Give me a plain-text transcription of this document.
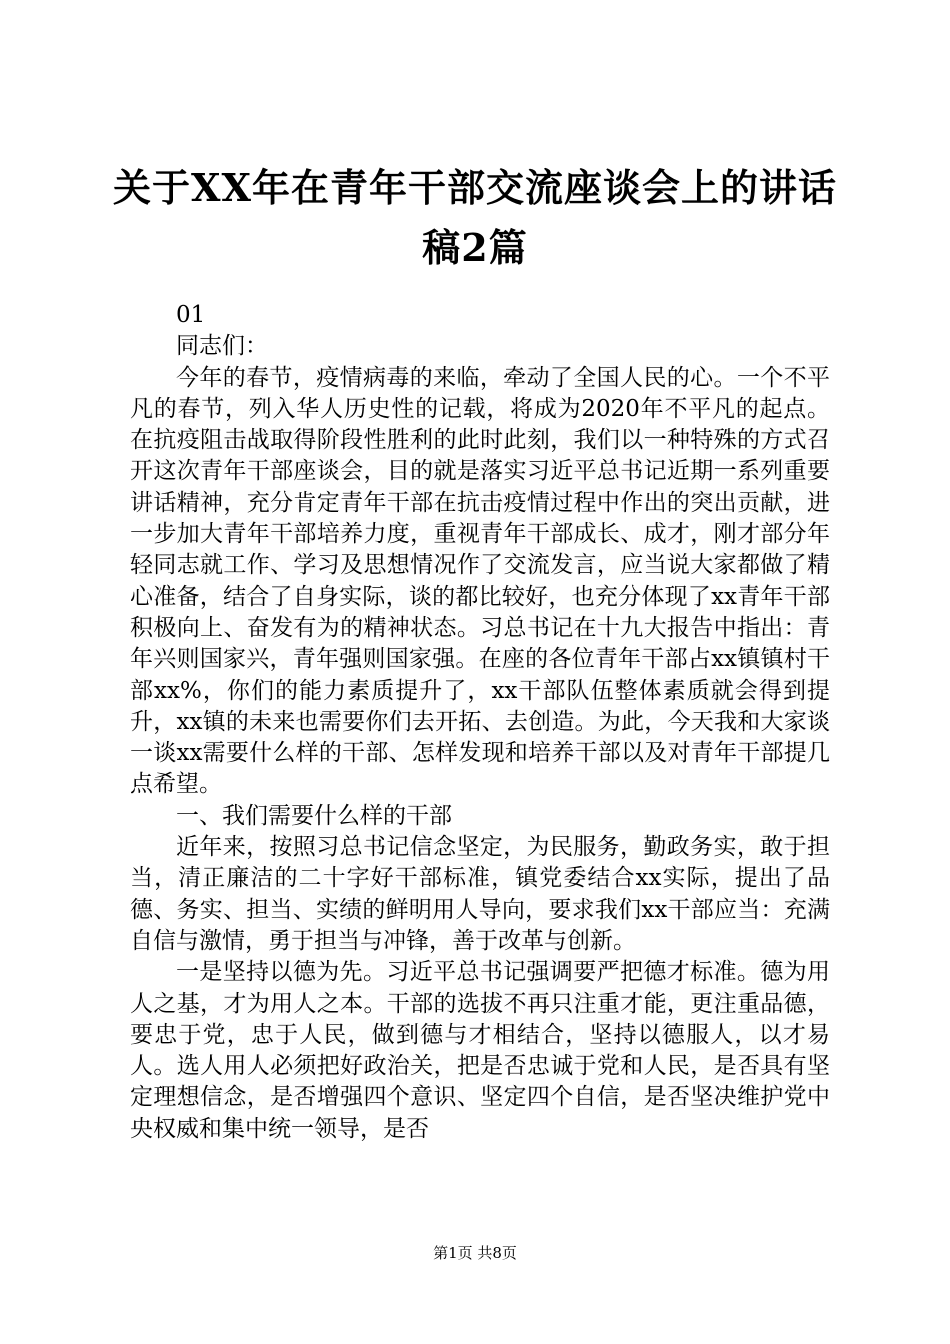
关于XX年在青年干部交流座谈会上的讲话稿2篇

01

同志们：

今年的春节，疫情病毒的来临，牵动了全国人民的心。一个不平凡的春节，列入华人历史性的记载，将成为2020年不平凡的起点。在抗疫阻击战取得阶段性胜利的此时此刻，我们以一种特殊的方式召开这次青年干部座谈会，目的就是落实习近平总书记近期一系列重要讲话精神，充分肯定青年干部在抗击疫情过程中作出的突出贡献，进一步加大青年干部培养力度，重视青年干部成长、成才，刚才部分年轻同志就工作、学习及思想情况作了交流发言，应当说大家都做了精心准备，结合了自身实际，谈的都比较好，也充分体现了xx青年干部积极向上、奋发有为的精神状态。习总书记在十九大报告中指出：青年兴则国家兴，青年强则国家强。在座的各位青年干部占xx镇镇村干部xx%，你们的能力素质提升了，xx干部队伍整体素质就会得到提升，xx镇的未来也需要你们去开拓、去创造。为此，今天我和大家谈一谈xx需要什么样的干部、怎样发现和培养干部以及对青年干部提几点希望。

一、我们需要什么样的干部

近年来，按照习总书记信念坚定，为民服务，勤政务实，敢于担当，清正廉洁的二十字好干部标准，镇党委结合xx实际，提出了品德、务实、担当、实绩的鲜明用人导向，要求我们xx干部应当：充满自信与激情，勇于担当与冲锋，善于改革与创新。

一是坚持以德为先。习近平总书记强调要严把德才标准。德为用人之基，才为用人之本。干部的选拔不再只注重才能，更注重品德，要忠于党，忠于人民，做到德与才相结合，坚持以德服人，以才易人。选人用人必须把好政治关，把是否忠诚于党和人民，是否具有坚定理想信念，是否增强四个意识、坚定四个自信，是否坚决维护党中央权威和集中统一领导，是否

第1页 共8页
